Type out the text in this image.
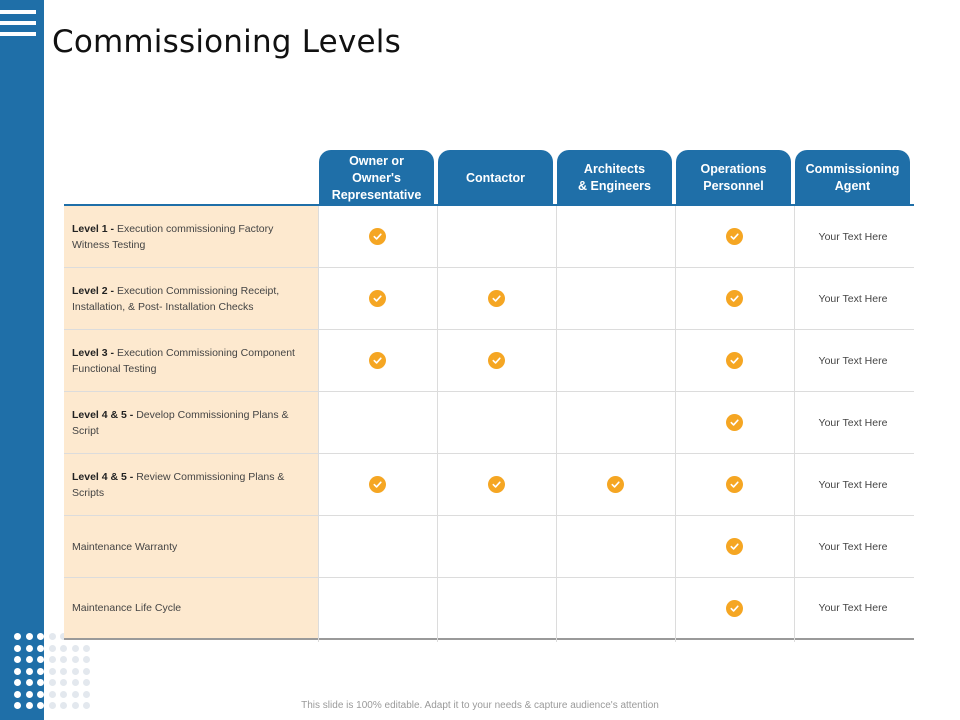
Commissioning Levels
Owner or
Owner's
Representative
Contactor
Architects
& Engineers
Operations
Personnel
Commissioning
Agent
Level 1 - Execution commissioning Factory Witness Testing
Your Text Here
Level 2 - Execution Commissioning Receipt, Installation, & Post- Installation Checks
Your Text Here
Level 3 - Execution Commissioning Component Functional Testing
Your Text Here
Level 4 & 5 - Develop Commissioning Plans & Script
Your Text Here
Level 4 & 5 - Review Commissioning Plans & Scripts
Your Text Here
Maintenance Warranty	Your Text Here
Maintenance Life Cycle	Your Text Here
This slide is 100% editable. Adapt it to your needs & capture audience's attention
